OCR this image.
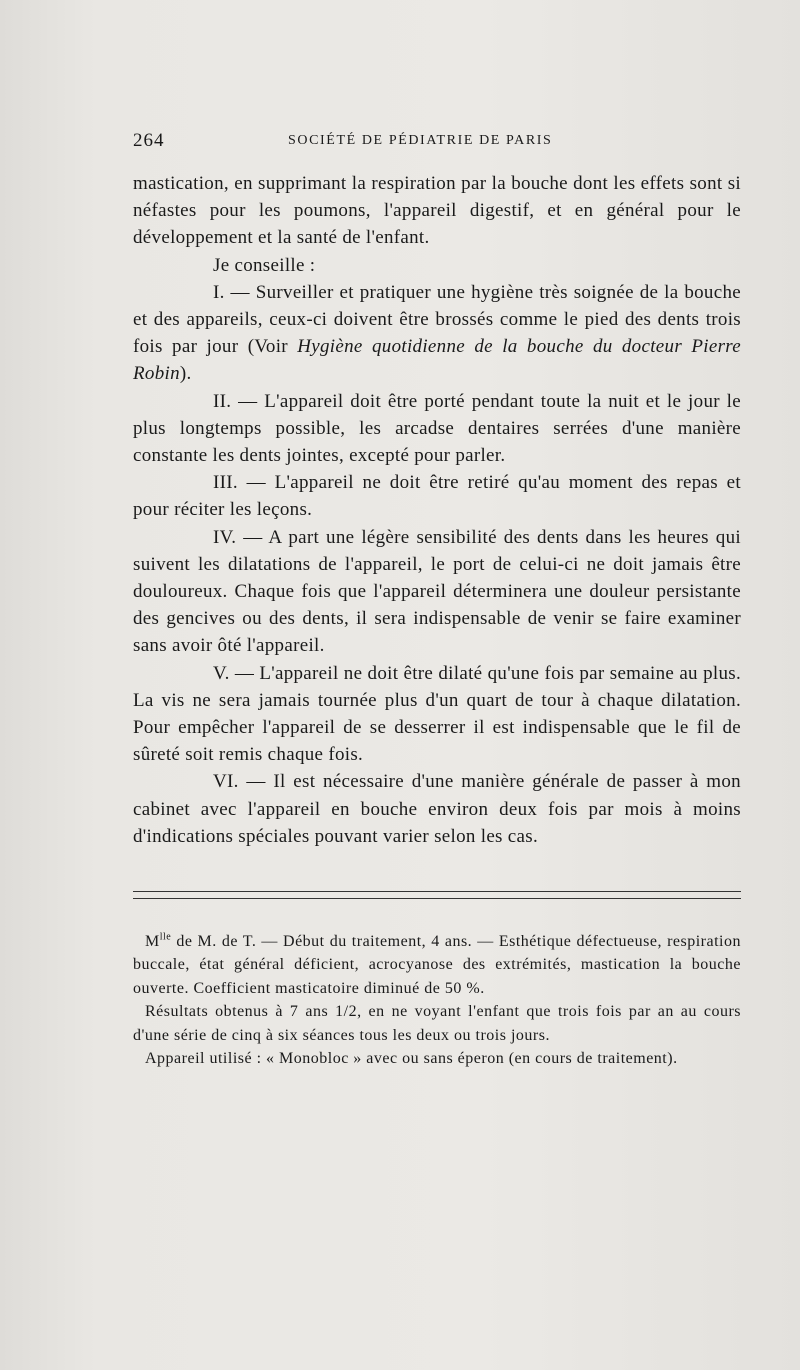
264	SOCIÉTÉ DE PÉDIATRIE DE PARIS

mastication, en supprimant la respiration par la bouche dont les effets sont si néfastes pour les poumons, l'appareil digestif, et en général pour le développement et la santé de l'enfant.

Je conseille :

I. — Surveiller et pratiquer une hygiène très soignée de la bouche et des appareils, ceux-ci doivent être brossés comme le pied des dents trois fois par jour (Voir Hygiène quotidienne de la bouche du docteur Pierre Robin).

II. — L'appareil doit être porté pendant toute la nuit et le jour le plus longtemps possible, les arcadse dentaires serrées d'une manière constante les dents jointes, excepté pour parler.

III. — L'appareil ne doit être retiré qu'au moment des repas et pour réciter les leçons.

IV. — A part une légère sensibilité des dents dans les heures qui suivent les dilatations de l'appareil, le port de celui-ci ne doit jamais être douloureux. Chaque fois que l'appareil déterminera une douleur persistante des gencives ou des dents, il sera indispensable de venir se faire examiner sans avoir ôté l'appareil.

V. — L'appareil ne doit être dilaté qu'une fois par semaine au plus. La vis ne sera jamais tournée plus d'un quart de tour à chaque dilatation. Pour empêcher l'appareil de se desserrer il est indispensable que le fil de sûreté soit remis chaque fois.

VI. — Il est nécessaire d'une manière générale de passer à mon cabinet avec l'appareil en bouche environ deux fois par mois à moins d'indications spéciales pouvant varier selon les cas.

$M^{lle}$ de M. de T. — Début du traitement, 4 ans. — Esthétique défectueuse, respiration buccale, état général déficient, acrocyanose des extrémités, mastication la bouche ouverte. Coefficient masticatoire diminué de 50 %.

Résultats obtenus à 7 ans 1/2, en ne voyant l'enfant que trois fois par an au cours d'une série de cinq à six séances tous les deux ou trois jours.

Appareil utilisé : « Monobloc » avec ou sans éperon (en cours de traitement).
